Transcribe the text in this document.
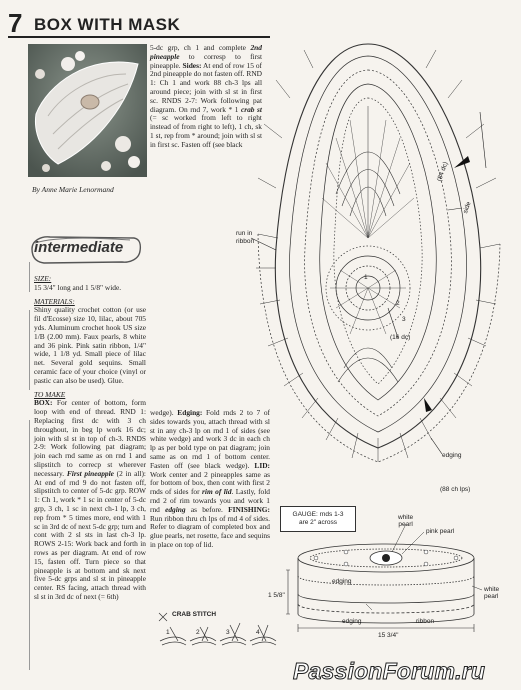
7 BOX WITH MASK
By Anne Marie Lenormand
intermediate

SIZE:
15 3/4" long and 1 5/8" wide.

MATERIALS:
Shiny quality crochet cotton (or use fil d'Ecosse) size 10, lilac, about 705 yds. Aluminum crochet hook US size 1/B (2.00 mm). Faux pearls, 8 white and 36 pink. Pink satin ribbon, 1/4" wide, 1 1/8 yd. Small piece of lilac net. Several gold sequins. Small ceramic face of your choice (vinyl or pastic can also be used). Glue.

TO MAKE
BOX: For center of bottom, form loop with end of thread. RND 1: Replacing first dc with 3 ch throughout, in beg lp work 16 dc; join with sl st in top of ch-3. RNDS 2-9: Work following pat diagram; join each rnd same as on rnd 1 and slipstitch to correcp st wherever necessary. First pineapple (2 in all): At end of rnd 9 do not fasten off, slipstitch to center of 5-dc grp. ROW 1: Ch 1, work * 1 sc in center of 5-dc grp, 3 ch, 1 sc in next ch-1 lp, 3 ch, rep from * 5 times more, end with 1 sc in 3rd dc of next 5-dc grp; turn and cont with 2 sl sts in last ch-3 lp. ROWS 2-15: Work back and forth in rows as per diagram. At end of row 15, fasten off. Turn piece so that pineapple is at bottom and sk next five 5-dc grps and sl st in pineapple center. RS facing, attach thread with sl st in 3rd dc of next (= 6th)

5-dc grp, ch 1 and complete 2nd pineapple to corresp to first pineapple. Sides: At end of row 15 of 2nd pineapple do not fasten off. RND 1: Ch 1 and work 88 ch-3 lps all around piece; join with sl st in first sc. RNDS 2-7: Work following pat diagram. On rnd 7, work * 1 crab st (= sc worked from left to right instead of from right to left), 1 ch, sk 1 st, rep from * around; join with sl st in first sc. Fasten off (see black

wedge). Edging: Fold rnds 2 to 7 of sides towards you, attach thread with sl st in any ch-3 lp on rnd 1 of sides (see white wedge) and work 3 dc in each ch lp as per bold type on pat diagram; join same as on rnd 1 of bottom center. Fasten off (see black wedge). LID: Work center and 2 pineapples same as for bottom of box, then cont with first 2 rnds of sides for rim of lid. Lastly, fold rnd 2 of rim towards you and work 1 rnd edging as before. FINISHING: Run ribbon thru ch lps of rnd 4 of sides. Refer to diagram of completed box and glue pearls, net rosette, face and sequins in place on top of lid.

run in
ribbon
(84 dc)
side
(16 dc)
edging
(88 ch lps)
1
2
3
GAUGE: rnds 1-3
are 2" across
white
pearl
pink pearl
edging
1 5/8"
white
pearl
edging	ribbon
15 3/4"
CRAB STITCH
1	2	3	4
PassionForum.ru
